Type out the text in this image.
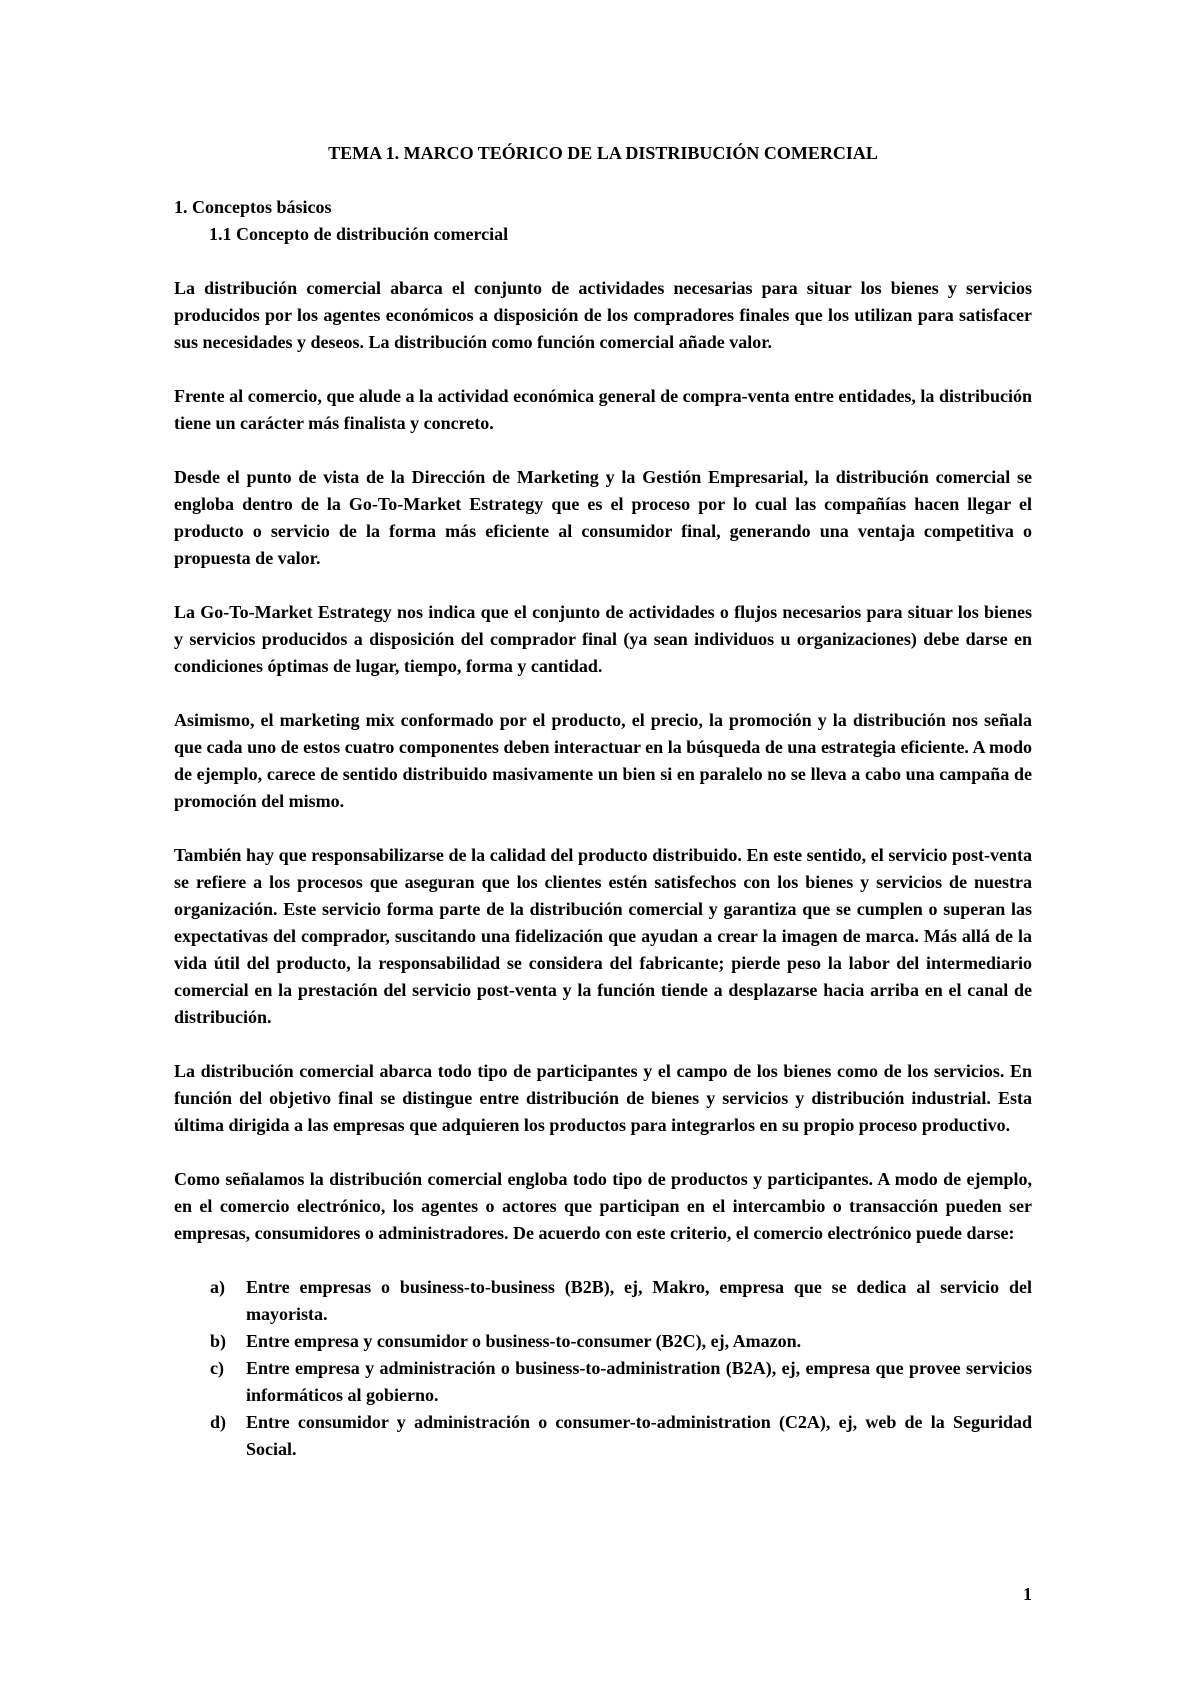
TEMA 1. MARCO TEÓRICO DE LA DISTRIBUCIÓN COMERCIAL
1. Conceptos básicos
1.1 Concepto de distribución comercial

La distribución comercial abarca el conjunto de actividades necesarias para situar los bienes y servicios producidos por los agentes económicos a disposición de los compradores finales que los utilizan para satisfacer sus necesidades y deseos. La distribución como función comercial añade valor.

Frente al comercio, que alude a la actividad económica general de compra-venta entre entidades, la distribución tiene un carácter más finalista y concreto.

Desde el punto de vista de la Dirección de Marketing y la Gestión Empresarial, la distribución comercial se engloba dentro de la Go-To-Market Estrategy que es el proceso por lo cual las compañías hacen llegar el producto o servicio de la forma más eficiente al consumidor final, generando una ventaja competitiva o propuesta de valor.

La Go-To-Market Estrategy nos indica que el conjunto de actividades o flujos necesarios para situar los bienes y servicios producidos a disposición del comprador final (ya sean individuos u organizaciones) debe darse en condiciones óptimas de lugar, tiempo, forma y cantidad.

Asimismo, el marketing mix conformado por el producto, el precio, la promoción y la distribución nos señala que cada uno de estos cuatro componentes deben interactuar en la búsqueda de una estrategia eficiente. A modo de ejemplo, carece de sentido distribuido masivamente un bien si en paralelo no se lleva a cabo una campaña de promoción del mismo.

También hay que responsabilizarse de la calidad del producto distribuido. En este sentido, el servicio post-venta se refiere a los procesos que aseguran que los clientes estén satisfechos con los bienes y servicios de nuestra organización. Este servicio forma parte de la distribución comercial y garantiza que se cumplen o superan las expectativas del comprador, suscitando una fidelización que ayudan a crear la imagen de marca. Más allá de la vida útil del producto, la responsabilidad se considera del fabricante; pierde peso la labor del intermediario comercial en la prestación del servicio post-venta y la función tiende a desplazarse hacia arriba en el canal de distribución.

La distribución comercial abarca todo tipo de participantes y el campo de los bienes como de los servicios. En función del objetivo final se distingue entre distribución de bienes y servicios y distribución industrial. Esta última dirigida a las empresas que adquieren los productos para integrarlos en su propio proceso productivo.

Como señalamos la distribución comercial engloba todo tipo de productos y participantes. A modo de ejemplo, en el comercio electrónico, los agentes o actores que participan en el intercambio o transacción pueden ser empresas, consumidores o administradores. De acuerdo con este criterio, el comercio electrónico puede darse:

a)	Entre empresas o business-to-business (B2B), ej, Makro, empresa que se dedica al servicio del mayorista.
b)	Entre empresa y consumidor o business-to-consumer (B2C), ej, Amazon.
c)	Entre empresa y administración o business-to-administration (B2A), ej, empresa que provee servicios informáticos al gobierno.
d)	Entre consumidor y administración o consumer-to-administration (C2A), ej, web de la Seguridad Social.
1
